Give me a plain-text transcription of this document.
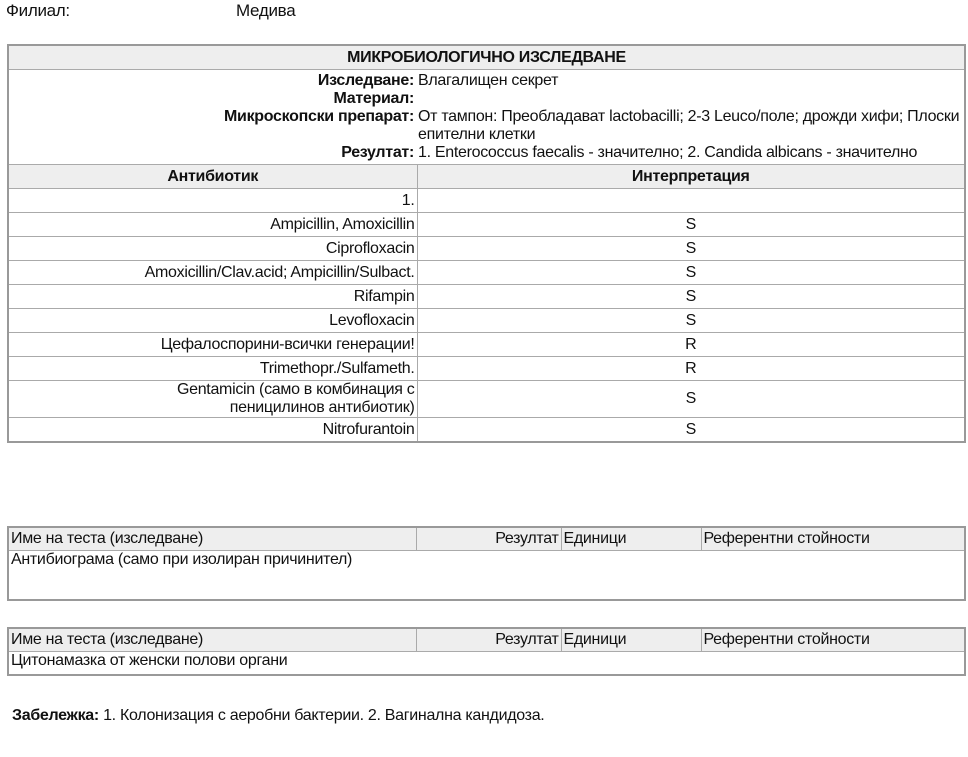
Филиал:	Медива
МИКРОБИОЛОГИЧНО ИЗСЛЕДВАНЕ

Изследване:	Влагалищен секрет
Материал:	
Микроскопски препарат:	От тампон: Преобладават lactobacilli; 2-3 Leuco/поле; дрожди хифи; Плоски епителни клетки
Резултат:	1. Enterococcus faecalis - значително; 2. Candida albicans - значително

Антибиотик	Интерпретация
1.	
Ampicillin, Amoxicillin	S
Ciprofloxacin	S
Amoxicillin/Clav.acid; Ampicillin/Sulbact.	S
Rifampin	S
Levofloxacin	S
Цефалоспорини-всички генерации!	R
Trimethopr./Sulfameth.	R
Gentamicin (само в комбинация с пеницилинов антибиотик)	S
Nitrofurantoin	S
Име на теста (изследване)	Резултат	Единици	Референтни стойности
Антибиограма (само при изолиран причинител)			
Име на теста (изследване)	Резултат	Единици	Референтни стойности
Цитонамазка от женски полови органи			
Забележка: 1. Колонизация с аеробни бактерии. 2. Вагинална кандидоза.
